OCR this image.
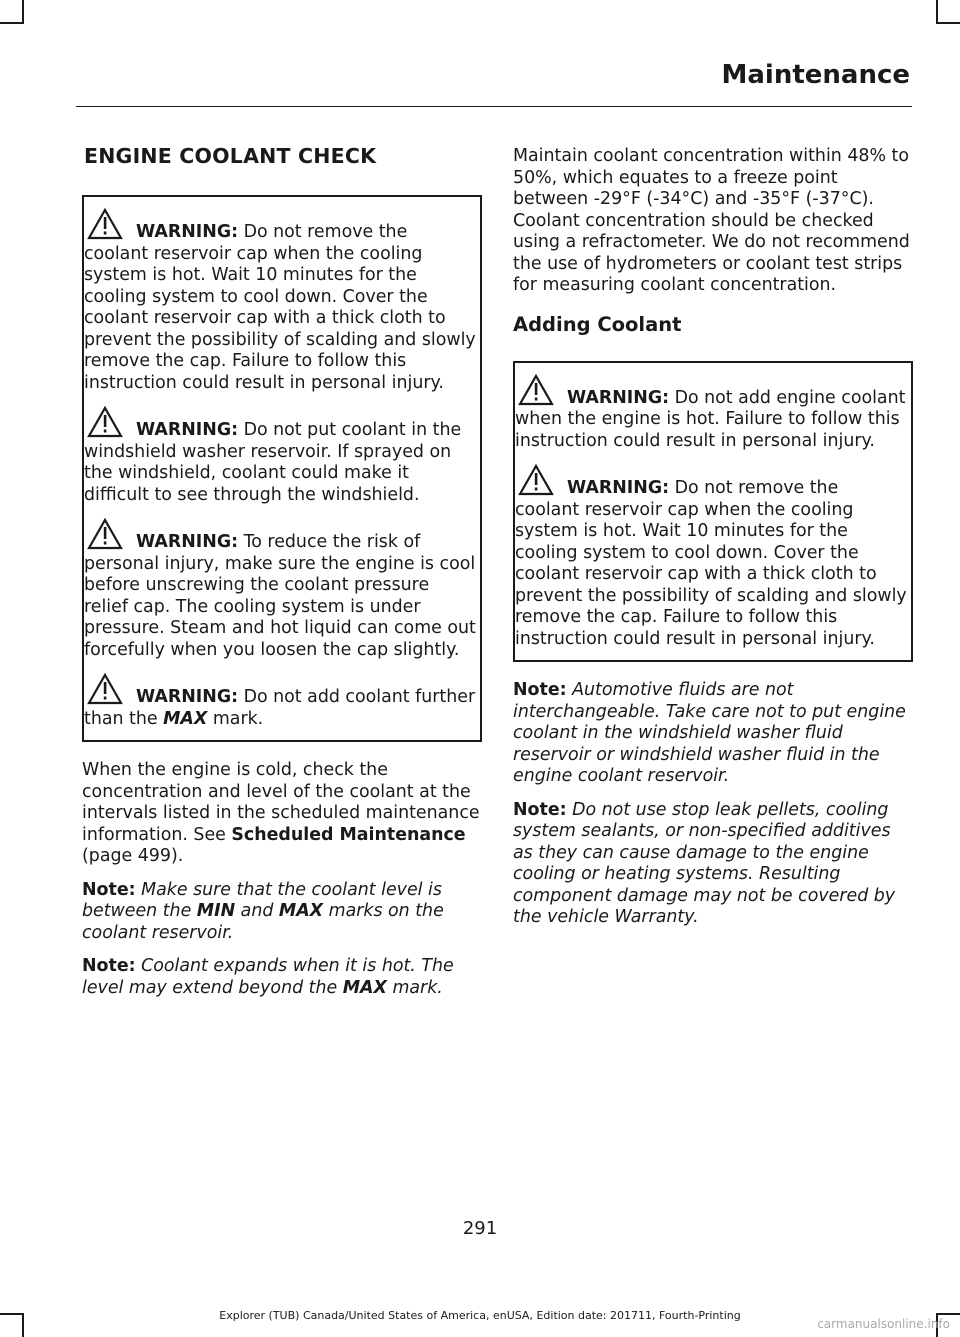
Maintenance
ENGINE COOLANT CHECK

WARNING: Do not remove the coolant reservoir cap when the cooling system is hot. Wait 10 minutes for the cooling system to cool down. Cover the coolant reservoir cap with a thick cloth to prevent the possibility of scalding and slowly remove the cap. Failure to follow this instruction could result in personal injury.

WARNING: Do not put coolant in the windshield washer reservoir. If sprayed on the windshield, coolant could make it difficult to see through the windshield.

WARNING: To reduce the risk of personal injury, make sure the engine is cool before unscrewing the coolant pressure relief cap. The cooling system is under pressure. Steam and hot liquid can come out forcefully when you loosen the cap slightly.

WARNING: Do not add coolant further than the MAX mark.

When the engine is cold, check the concentration and level of the coolant at the intervals listed in the scheduled maintenance information. See Scheduled Maintenance (page 499).

Note: Make sure that the coolant level is between the MIN and MAX marks on the coolant reservoir.

Note: Coolant expands when it is hot. The level may extend beyond the MAX mark.

Maintain coolant concentration within 48% to 50%, which equates to a freeze point between -29°F (-34°C) and -35°F (-37°C). Coolant concentration should be checked using a refractometer. We do not recommend the use of hydrometers or coolant test strips for measuring coolant concentration.

Adding Coolant

WARNING: Do not add engine coolant when the engine is hot. Failure to follow this instruction could result in personal injury.

WARNING: Do not remove the coolant reservoir cap when the cooling system is hot. Wait 10 minutes for the cooling system to cool down. Cover the coolant reservoir cap with a thick cloth to prevent the possibility of scalding and slowly remove the cap. Failure to follow this instruction could result in personal injury.

Note: Automotive fluids are not interchangeable. Take care not to put engine coolant in the windshield washer fluid reservoir or windshield washer fluid in the engine coolant reservoir.

Note: Do not use stop leak pellets, cooling system sealants, or non-specified additives as they can cause damage to the engine cooling or heating systems. Resulting component damage may not be covered by the vehicle Warranty.

291
Explorer (TUB) Canada/United States of America, enUSA, Edition date: 201711, Fourth-Printing
carmanualsonline.info
